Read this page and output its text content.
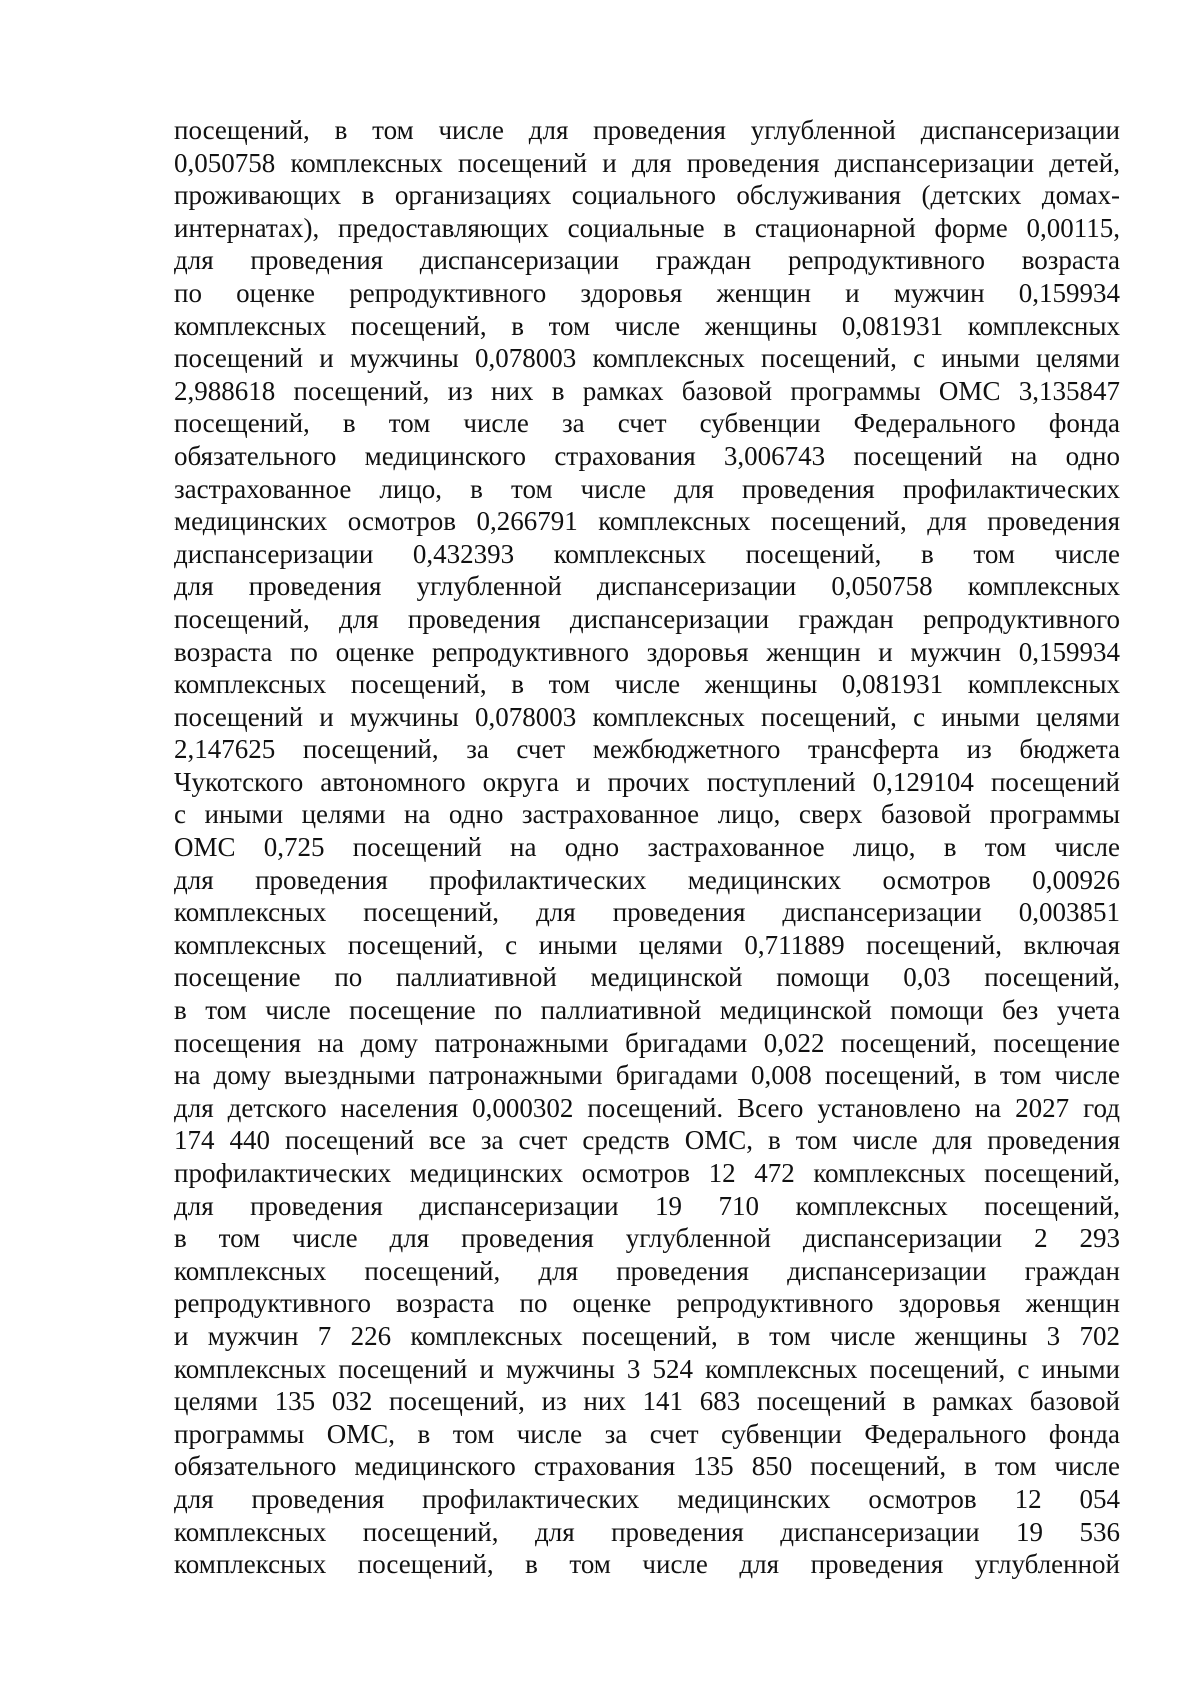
посещений, в том числе для проведения углубленной диспансеризации
0,050758 комплексных посещений и для проведения диспансеризации детей,
проживающих в организациях социального обслуживания (детских домах-
интернатах), предоставляющих социальные в стационарной форме 0,00115,
для проведения диспансеризации граждан репродуктивного возраста
по оценке репродуктивного здоровья женщин и мужчин 0,159934
комплексных посещений, в том числе женщины 0,081931 комплексных
посещений и мужчины 0,078003 комплексных посещений, с иными целями
2,988618 посещений, из них в рамках базовой программы ОМС 3,135847
посещений, в том числе за счет субвенции Федерального фонда
обязательного медицинского страхования 3,006743 посещений на одно
застрахованное лицо, в том числе для проведения профилактических
медицинских осмотров 0,266791 комплексных посещений, для проведения
диспансеризации 0,432393 комплексных посещений, в том числе
для проведения углубленной диспансеризации 0,050758 комплексных
посещений, для проведения диспансеризации граждан репродуктивного
возраста по оценке репродуктивного здоровья женщин и мужчин 0,159934
комплексных посещений, в том числе женщины 0,081931 комплексных
посещений и мужчины 0,078003 комплексных посещений, с иными целями
2,147625 посещений, за счет межбюджетного трансферта из бюджета
Чукотского автономного округа и прочих поступлений 0,129104 посещений
с иными целями на одно застрахованное лицо, сверх базовой программы
ОМС 0,725 посещений на одно застрахованное лицо, в том числе
для проведения профилактических медицинских осмотров 0,00926
комплексных посещений, для проведения диспансеризации 0,003851
комплексных посещений, с иными целями 0,711889 посещений, включая
посещение по паллиативной медицинской помощи 0,03 посещений,
в том числе посещение по паллиативной медицинской помощи без учета
посещения на дому патронажными бригадами 0,022 посещений, посещение
на дому выездными патронажными бригадами 0,008 посещений, в том числе
для детского населения 0,000302 посещений. Всего установлено на 2027 год
174 440 посещений все за счет средств ОМС, в том числе для проведения
профилактических медицинских осмотров 12 472 комплексных посещений,
для проведения диспансеризации 19 710 комплексных посещений,
в том числе для проведения углубленной диспансеризации 2 293
комплексных посещений, для проведения диспансеризации граждан
репродуктивного возраста по оценке репродуктивного здоровья женщин
и мужчин 7 226 комплексных посещений, в том числе женщины 3 702
комплексных посещений и мужчины 3 524 комплексных посещений, с иными
целями 135 032 посещений, из них 141 683 посещений в рамках базовой
программы ОМС, в том числе за счет субвенции Федерального фонда
обязательного медицинского страхования 135 850 посещений, в том числе
для проведения профилактических медицинских осмотров 12 054
комплексных посещений, для проведения диспансеризации 19 536
комплексных посещений, в том числе для проведения углубленной
